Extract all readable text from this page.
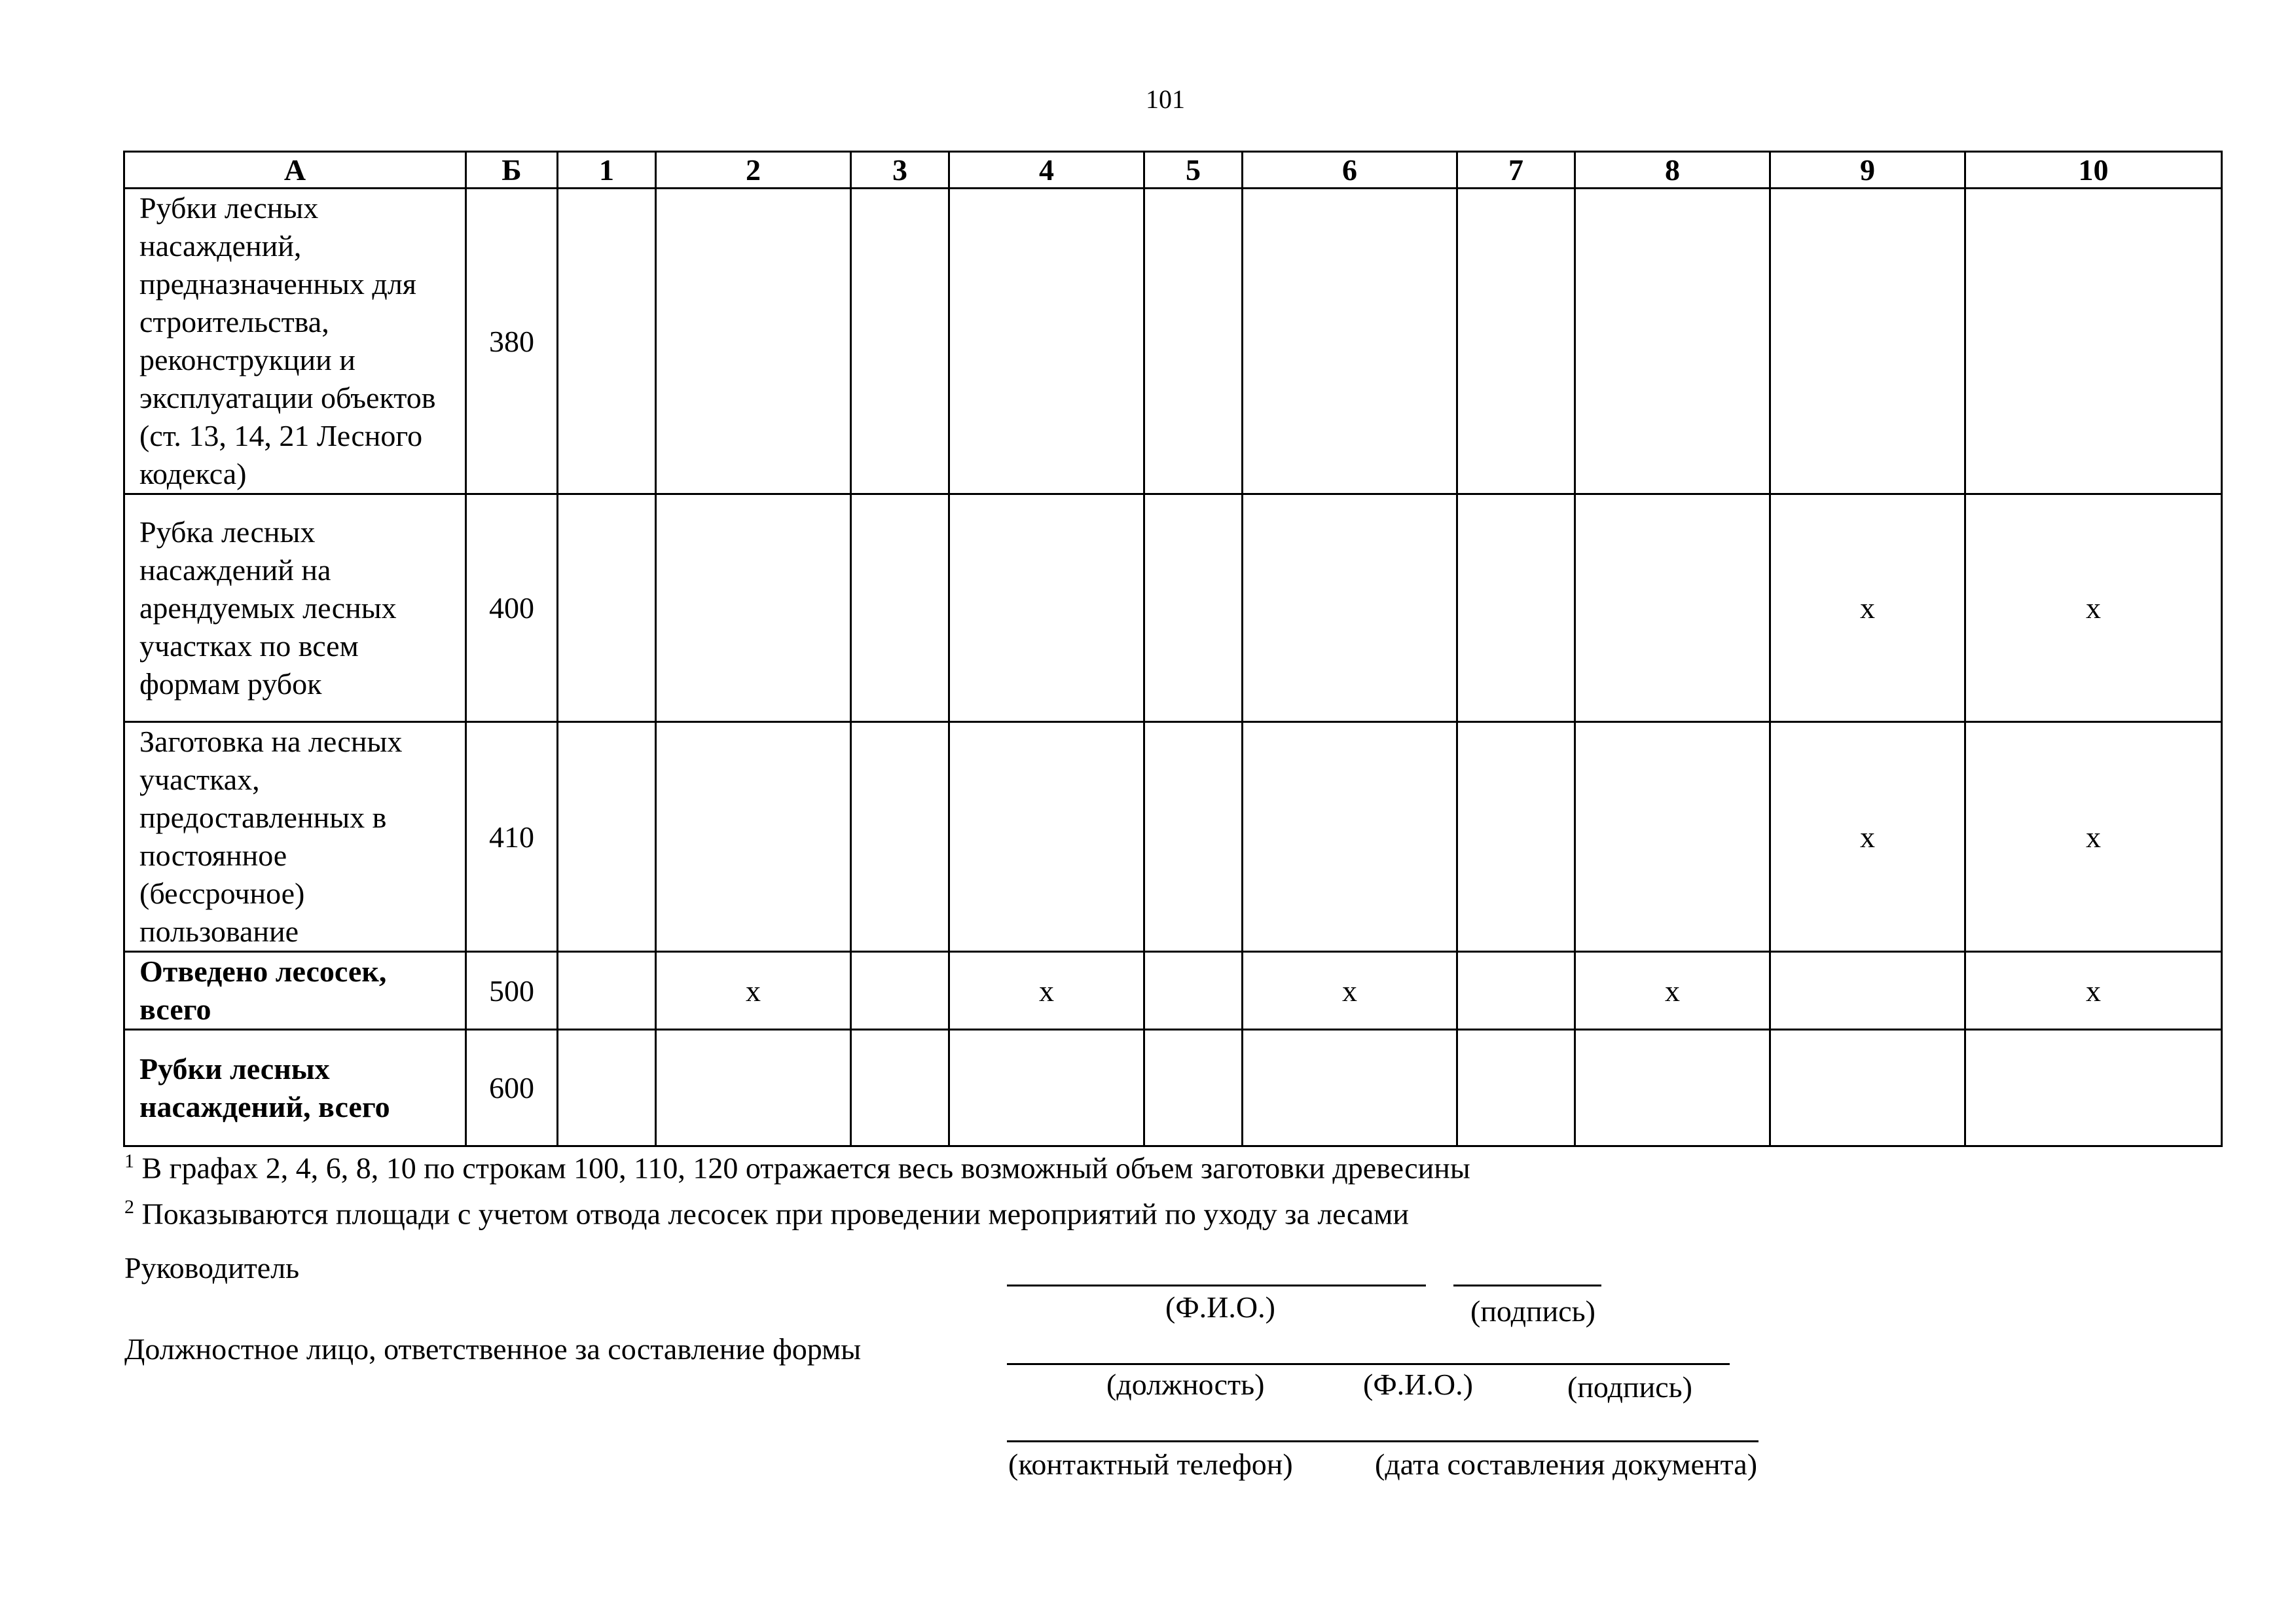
101
А	Б	1	2	3	4	5	6	7	8	9	10
Рубки лесных насаждений, предназначенных для строительства, реконструкции и эксплуатации объектов (ст. 13, 14, 21 Лесного кодекса)	380										
Рубка лесных насаждений на арендуемых лесных участках по всем формам рубок	400									х	х
Заготовка на лесных участках, предоставленных в постоянное (бессрочное) пользование	410									х	х
Отведено лесосек, всего	500		х		х		х		х		х
Рубки лесных насаждений, всего	600										
$^1$ В графах 2, 4, 6, 8, 10 по строкам 100, 110, 120 отражается весь возможный объем заготовки древесины
$^2$ Показываются площади с учетом отвода лесосек при проведении мероприятий по уходу за лесами
Руководитель
(Ф.И.О.)	(подпись)
Должностное лицо, ответственное за составление формы
(должность)	(Ф.И.О.)	(подпись)
(контактный телефон)	(дата составления документа)
